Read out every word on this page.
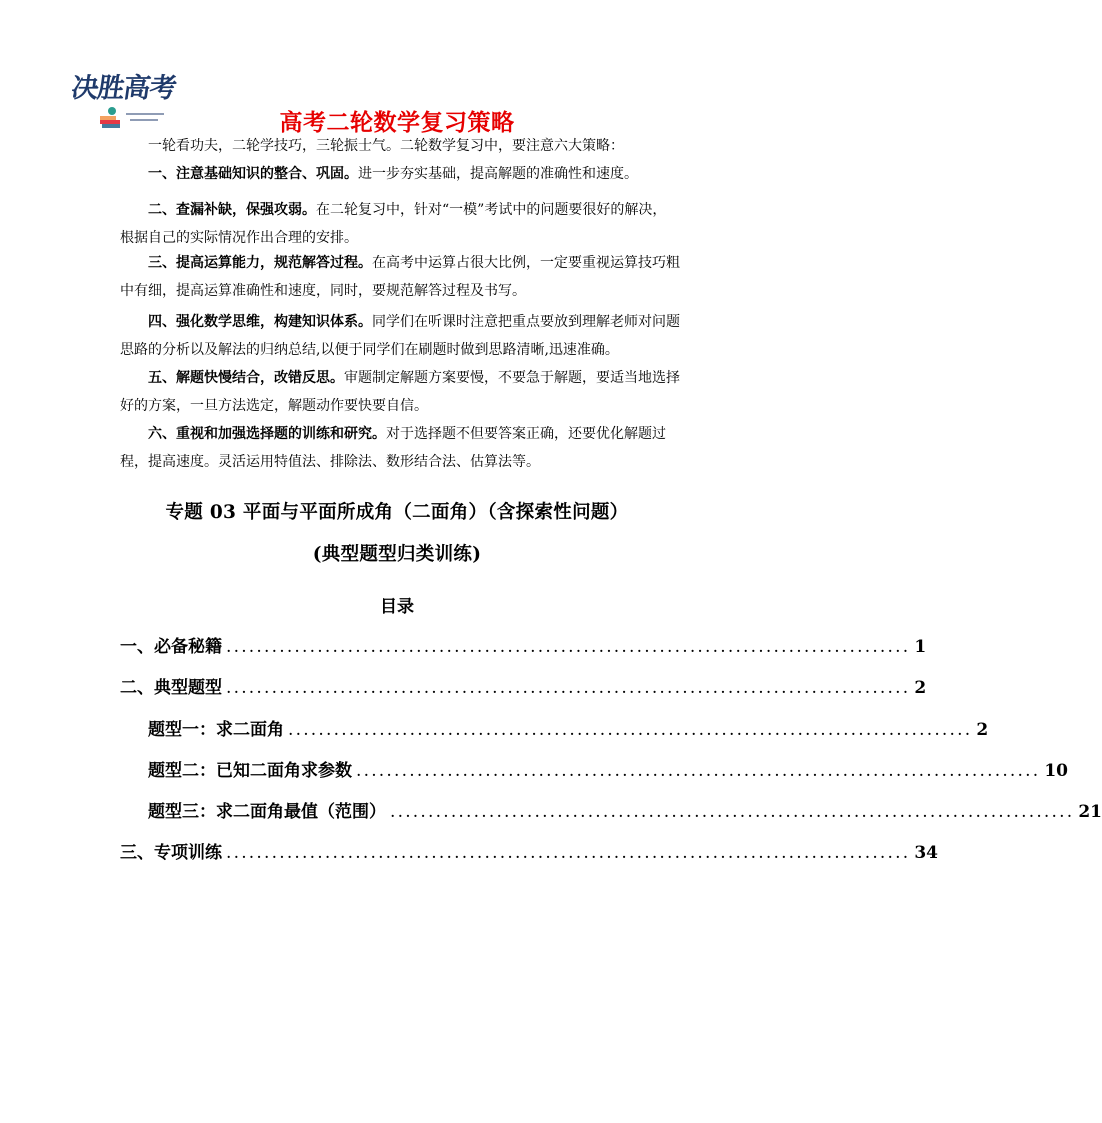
决胜高考
高考二轮数学复习策略

一轮看功夫，二轮学技巧，三轮振士气。二轮数学复习中，要注意六大策略：

一、注意基础知识的整合、巩固。进一步夯实基础，提高解题的准确性和速度。

二、查漏补缺，保强攻弱。在二轮复习中，针对“一模”考试中的问题要很好的解决，根据自己的实际情况作出合理的安排。

三、提高运算能力，规范解答过程。在高考中运算占很大比例，一定要重视运算技巧粗中有细，提高运算准确性和速度，同时，要规范解答过程及书写。

四、强化数学思维，构建知识体系。同学们在听课时注意把重点要放到理解老师对问题思路的分析以及解法的归纳总结,以便于同学们在刷题时做到思路清晰,迅速准确。

五、解题快慢结合，改错反思。审题制定解题方案要慢，不要急于解题，要适当地选择好的方案，一旦方法选定，解题动作要快要自信。

六、重视和加强选择题的训练和研究。对于选择题不但要答案正确，还要优化解题过程，提高速度。灵活运用特值法、排除法、数形结合法、估算法等。

专题 03 平面与平面所成角（二面角）（含探索性问题）
(典型题型归类训练)
目录
一、必备秘籍 .......................................................................................... 1
二、典型题型 .......................................................................................... 2
题型一：求二面角 .......................................................................................... 2
题型二：已知二面角求参数 .......................................................................................... 10
题型三：求二面角最值（范围） .......................................................................................... 21
三、专项训练 .......................................................................................... 34
